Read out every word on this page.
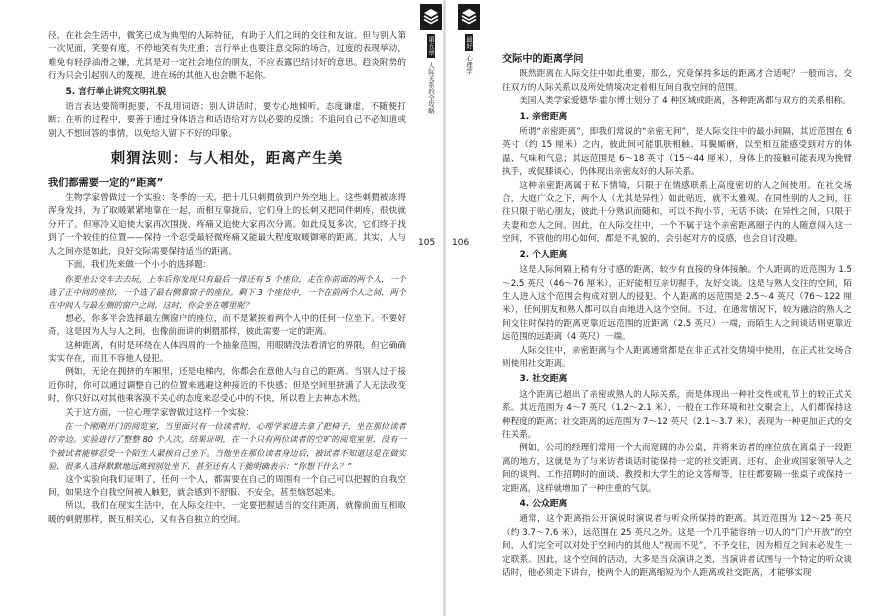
第五章
人际关系的全攻略
105

径，在社会生活中，微笑已成为典型的人际特征，有助于人们之间的交往和友谊。但与别人第一次见面，笑要有度，不停地笑有失庄重；言行举止也要注意交际的场合，过度的表现举动，难免有轻浮油滑之嫌，尤其是对一定社会地位的朋友，不应表露巴结讨好的意思。趋炎附势的行为只会引起别人的蔑视，进在场的其他人也会瞧不起你。

5. 言行举止讲究文明礼貌

语言表达要简明扼要，不乱用词语；别人讲话时，要专心地倾听，态度谦虚，不随便打断；在听的过程中，要善于通过身体语言和话语给对方以必要的反馈；不追问自己不必知道或别人不想回答的事情，以免给人留下不好的印象。

刺猬法则：与人相处，距离产生美
我们都需要一定的“距离”

生物学家曾做过一个实验：冬季的一天，把十几只刺猬放到户外空地上。这些刺猬被冻得浑身发抖，为了取暖紧紧地靠在一起，而相互靠拢后，它们身上的长刺又把同伴刺疼，很快就分开了。但寒冷又迫使大家再次围拢，疼痛又迫使大家再次分离。如此反复多次，它们终于找到了一个较佳的位置——保持一个忍受最轻微疼痛又能最大程度取暖御寒的距离。其实，人与人之间亦是如此，良好交际需要保持适当的距离。

下面，我们先来做一个小小的选择题：

你要坐公交车去去玩，上车后你发现只有最后一排还有 5 个座位，走在你前面的两个人，一个选了正中间的座位，一个选了最右侧靠窗子的座位。剩下 3 个座位中，一个在前两个人之间，两个在中间人与最左侧的窗户之间，这时，你会坐在哪里呢？

想必，你多半会选择最左侧窗户的座位，而不是紧挨着两个人中的任何一位坐下。不要好奇，这是因为人与人之间，也像前面讲的刺猬那样，彼此需要一定的距离。

这种距离，有时是环绕在人体四周的一个抽象范围，用眼睛没法看清它的界限，但它确确实实存在，而且不容他人侵犯。

例如，无论在拥挤的车厢里，还是电梯内，你都会在意他人与自己的距离。当别人过于接近你时，你可以通过调整自己的位置来逃避这种接近的不快感；但是空间里挤满了人无法改变时，你只好以对其他乘客漠不关心的态度来忍受心中的不快，所以看上去神态木然。

关于这方面，一位心理学家曾做过这样一个实验：

在一个刚刚开门的阅览室，当里面只有一位读者时，心理学家进去拿了把椅子，坐在那位读者的旁边。实验进行了整整 80 个人次。结果证明，在一个只有两位读者的空旷的阅览室里，没有一个被试者能够忍受一个陌生人紧挨自己坐下。当他坐在那位读者身边后，被试者不知道这是在做实验，很多人选择默默地远离到别处坐下，甚至还有人干脆明确表示：“你想干什么？”

这个实验向我们证明了，任何一个人，都需要在自己的周围有一个自己可以把握的自我空间，如果这个自我空间被人触犯，就会感到不舒服、不安全，甚至恼怒起来。

所以，我们在现实生活中，在人际交往中，一定要把握适当的交往距离，就像前面互相取暖的刺猬那样，既互相关心，又有各自独立的空间。

最好
心理学
106
交际中的距离学问

既然距离在人际交往中如此重要，那么，究竟保持多远的距离才合适呢？一般而言，交往双方的人际关系以及所处情境决定着相互间自我空间的范围。

美国人类学家爱德华·霍尔博士划分了 4 种区域或距离，各种距离都与双方的关系相称。

1. 亲密距离

所谓“亲密距离”，即我们常说的“亲密无间”，是人际交往中的最小间隔，其近范围在 6 英寸（约 15 厘米）之内，彼此间可能肌肤相触、耳鬓厮磨，以至相互能感受到对方的体温、气味和气息；其远范围是 6～18 英寸（15～44 厘米），身体上的接触可能表现为挽臂执手，或促膝谈心，仍体现出亲密友好的人际关系。

这种亲密距离属于私下情境，只限于在情感联系上高度密切的人之间使用。在社交场合，大庭广众之下，两个人（尤其是异性）如此贴近，就不太雅观。在同性别的人之间，往往只限于贴心朋友，彼此十分熟识而随和，可以不拘小节，无话不谈；在异性之间，只限于夫妻和恋人之间。因此，在人际交往中，一个不属于这个亲密距离圈子内的人随意闯入这一空间，不管他的用心如何，都是不礼貌的，会引起对方的反感，也会自讨没趣。

2. 个人距离

这是人际间隔上稍有分寸感的距离，较少有直接的身体接触。个人距离的近范围为 1.5～2.5 英尺（46～76 厘米），正好能相互亲切握手，友好交谈。这是与熟人交往的空间，陌生人进入这个范围会构成对别人的侵犯。个人距离的远范围是 2.5～4 英尺（76～122 厘米），任何朋友和熟人都可以自由地进入这个空间。不过，在通常情况下，较为融洽的熟人之间交往时保持的距离更靠近远范围的近距离（2.5 英尺）一端，而陌生人之间谈话则更靠近远范围的远距离（4 英尺）一端。

人际交往中，亲密距离与个人距离通常都是在非正式社交情境中使用，在正式社交场合则使用社交距离。

3. 社交距离

这个距离已超出了亲密或熟人的人际关系，而是体现出一种社交性或礼节上的较正式关系。其近范围为 4～7 英尺（1.2～2.1 米），一般在工作环境和社交聚会上，人们都保持这种程度的距离；社交距离的远范围为 7～12 英尺（2.1～3.7 米），表现为一种更加正式的交往关系。

例如，公司的经理们常用一个大而宽阔的办公桌，并将来访者的座位放在离桌子一段距离的地方，这就是为了与来访者谈话时能保持一定的社交距离。还有，企业或国家领导人之间的谈判、工作招聘时的面谈、教授和大学生的论文答辩等，往往都要隔一张桌子或保持一定距离，这样就增加了一种庄重的气氛。

4. 公众距离

通常，这个距离指公开演说时演说者与听众所保持的距离。其近范围为 12～25 英尺（约 3.7～7.6 米），远范围在 25 英尺之外。这是一个几乎能容纳一切人的“门户开放”的空间，人们完全可以对处于空间内的其他人“视而不见”，不予交往，因为相互之间未必发生一定联系。因此，这个空间的活动，大多是当众演讲之类，当演讲者试图与一个特定的听众谈话时，他必须走下讲台，使两个人的距离缩短为个人距离或社交距离，才能够实现
